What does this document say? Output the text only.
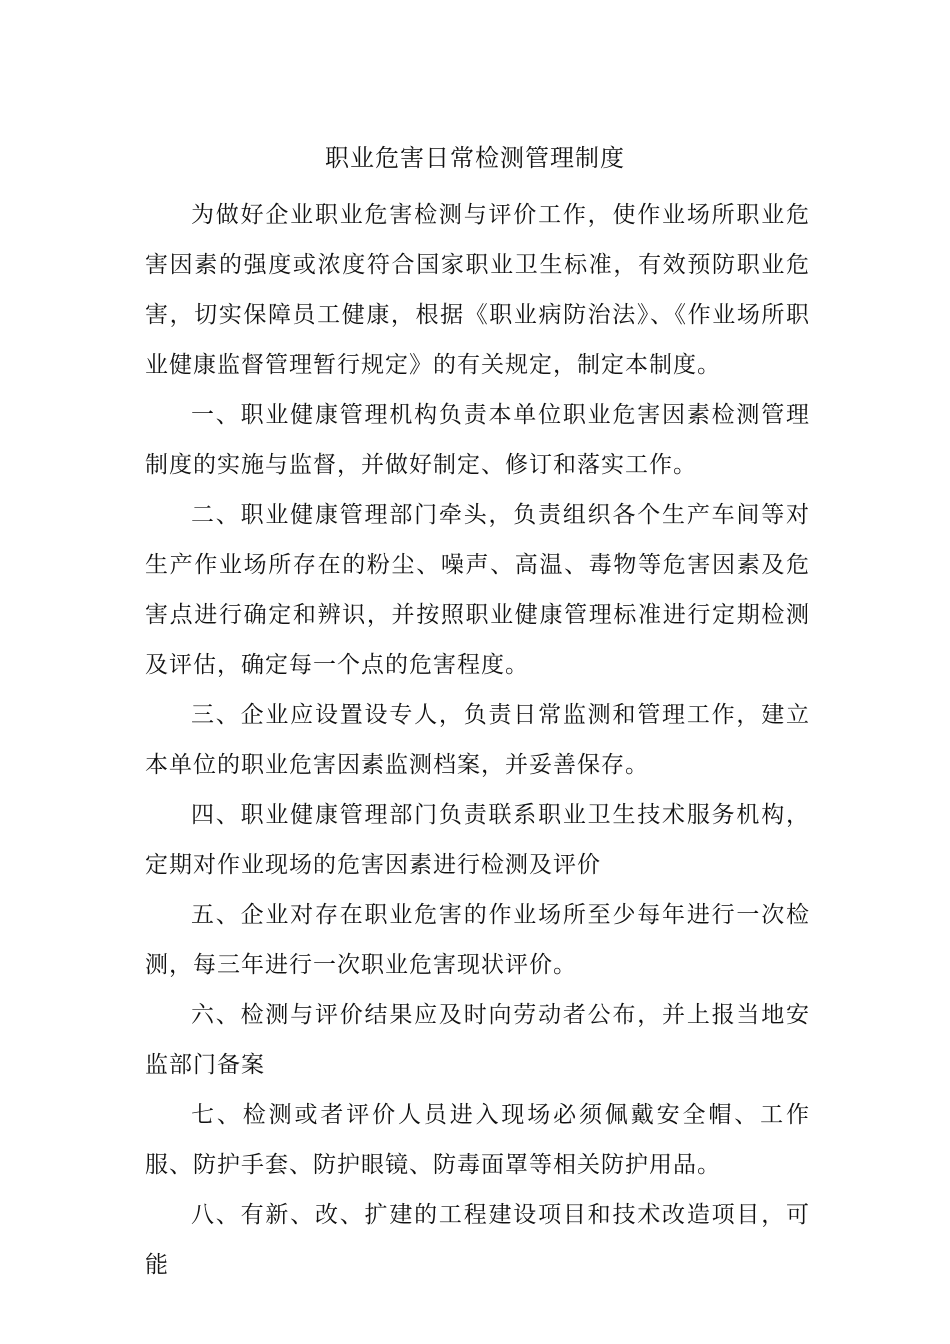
职业危害日常检测管理制度

为做好企业职业危害检测与评价工作，使作业场所职业危害因素的强度或浓度符合国家职业卫生标准，有效预防职业危害，切实保障员工健康，根据《职业病防治法》、《作业场所职业健康监督管理暂行规定》的有关规定，制定本制度。

一、职业健康管理机构负责本单位职业危害因素检测管理制度的实施与监督，并做好制定、修订和落实工作。

二、职业健康管理部门牵头，负责组织各个生产车间等对生产作业场所存在的粉尘、噪声、高温、毒物等危害因素及危害点进行确定和辨识，并按照职业健康管理标准进行定期检测及评估，确定每一个点的危害程度。

三、企业应设置设专人，负责日常监测和管理工作，建立本单位的职业危害因素监测档案，并妥善保存。

四、职业健康管理部门负责联系职业卫生技术服务机构，定期对作业现场的危害因素进行检测及评价

五、企业对存在职业危害的作业场所至少每年进行一次检测，每三年进行一次职业危害现状评价。

六、检测与评价结果应及时向劳动者公布，并上报当地安监部门备案

七、检测或者评价人员进入现场必须佩戴安全帽、工作服、防护手套、防护眼镜、防毒面罩等相关防护用品。

八、有新、改、扩建的工程建设项目和技术改造项目，可能
